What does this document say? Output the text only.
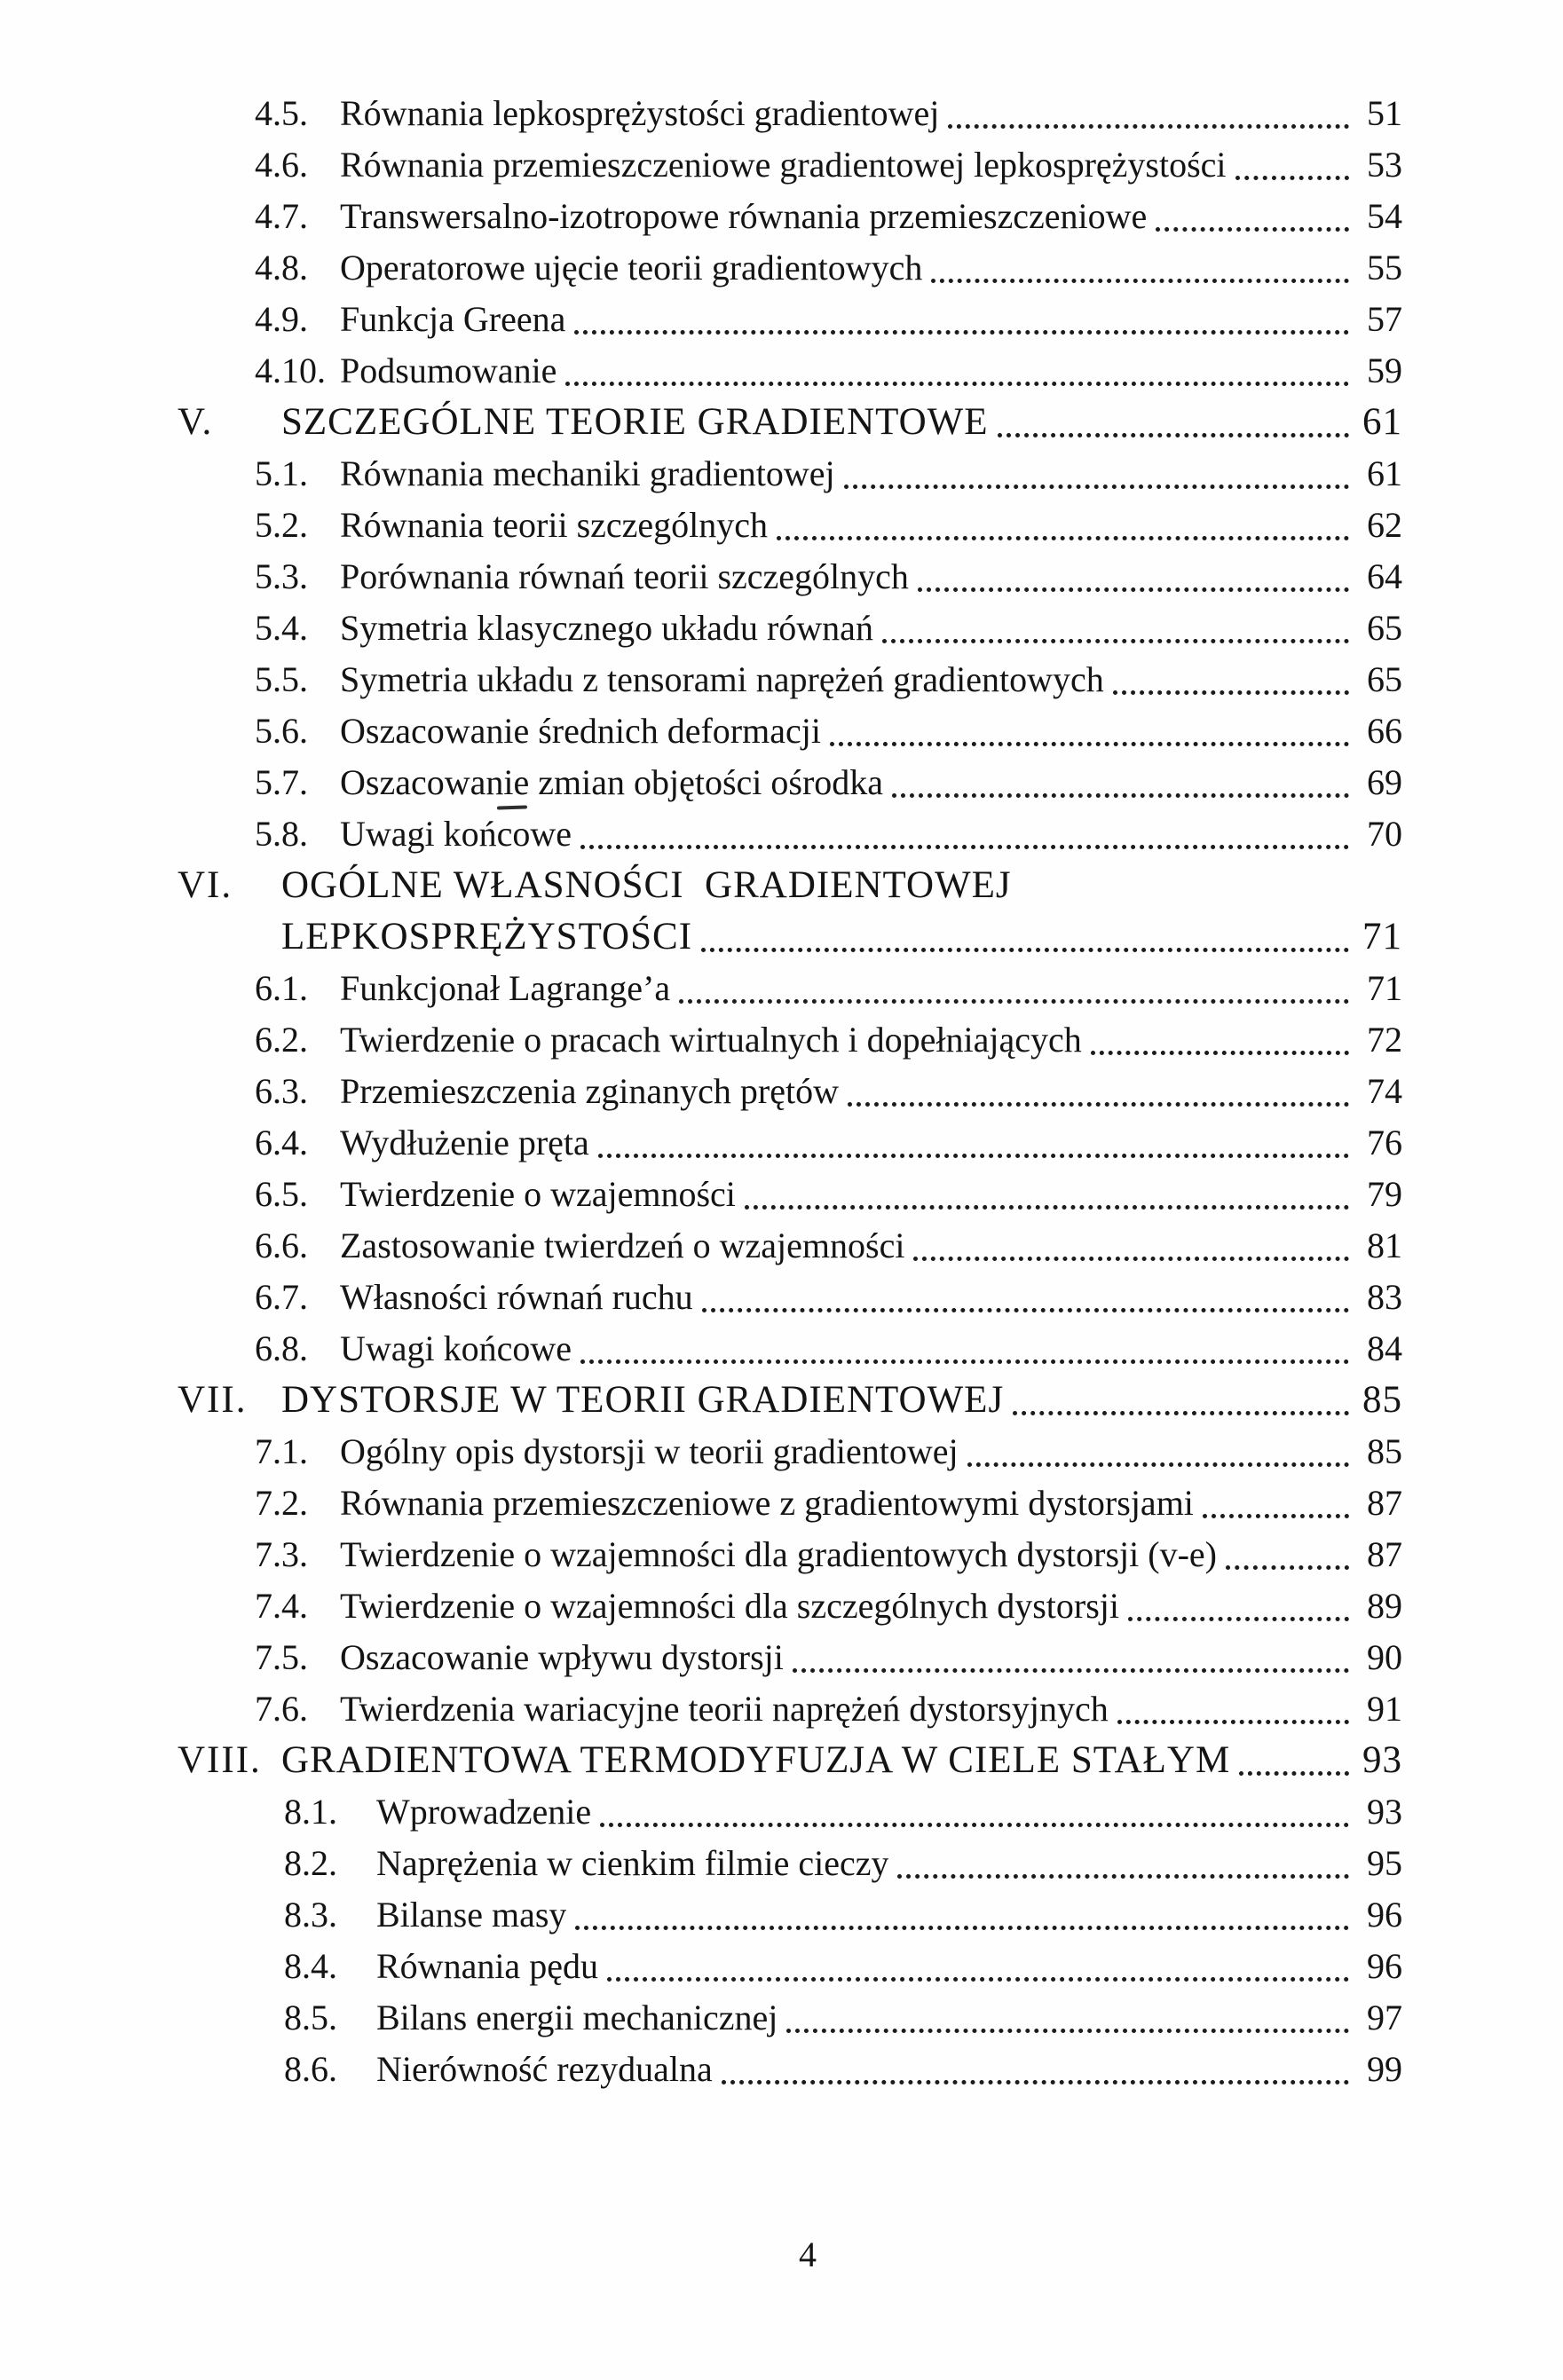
4.5. Równania lepkosprężystości gradientowej	51
4.6. Równania przemieszczeniowe gradientowej lepkosprężystości	53
4.7. Transwersalno-izotropowe równania przemieszczeniowe	54
4.8. Operatorowe ujęcie teorii gradientowych	55
4.9. Funkcja Greena	57
4.10. Podsumowanie	59
V.	SZCZEGÓLNE TEORIE GRADIENTOWE	61
5.1. Równania mechaniki gradientowej	61
5.2. Równania teorii szczególnych	62
5.3. Porównania równań teorii szczególnych	64
5.4. Symetria klasycznego układu równań	65
5.5. Symetria układu z tensorami naprężeń gradientowych	65
5.6. Oszacowanie średnich deformacji	66
5.7. Oszacowanie zmian objętości ośrodka	69
5.8. Uwagi końcowe	70
VI.	OGÓLNE WŁASNOŚCI  GRADIENTOWEJ
LEPKOSPRĘŻYSTOŚCI	71
6.1. Funkcjonał Lagrange’a	71
6.2. Twierdzenie o pracach wirtualnych i dopełniających	72
6.3. Przemieszczenia zginanych prętów	74
6.4. Wydłużenie pręta	76
6.5. Twierdzenie o wzajemności	79
6.6. Zastosowanie twierdzeń o wzajemności	81
6.7. Własności równań ruchu	83
6.8. Uwagi końcowe	84
VII. DYSTORSJE W TEORII GRADIENTOWEJ	85
7.1. Ogólny opis dystorsji w teorii gradientowej	85
7.2. Równania przemieszczeniowe z gradientowymi dystorsjami	87
7.3. Twierdzenie o wzajemności dla gradientowych dystorsji (v-e)	87
7.4. Twierdzenie o wzajemności dla szczególnych dystorsji	89
7.5. Oszacowanie wpływu dystorsji	90
7.6. Twierdzenia wariacyjne teorii naprężeń dystorsyjnych	91
VIII. GRADIENTOWA TERMODYFUZJA W CIELE STAŁYM	93
8.1.	Wprowadzenie	93
8.2.	Naprężenia w cienkim filmie cieczy	95
8.3.	Bilanse masy	96
8.4.	Równania pędu	96
8.5.	Bilans energii mechanicznej	97
8.6.	Nierówność rezydualna	99
4
